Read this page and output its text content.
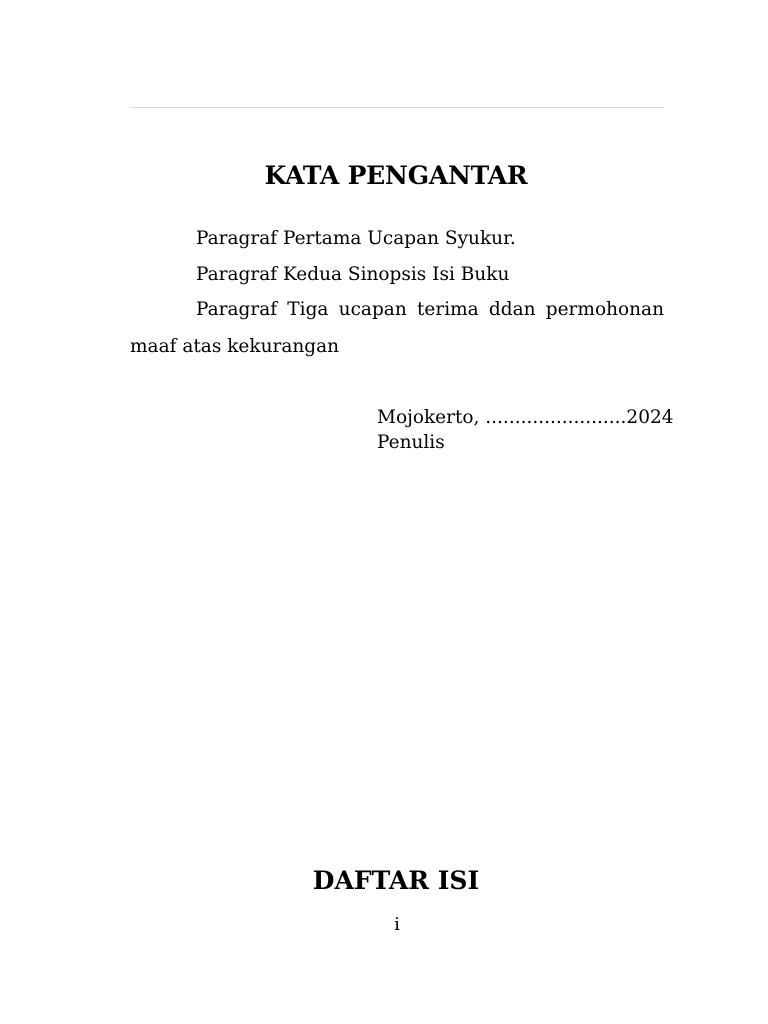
KATA PENGANTAR

Paragraf Pertama Ucapan Syukur.

Paragraf Kedua Sinopsis Isi Buku

Paragraf Tiga ucapan terima ddan permohonan maaf atas kekurangan

Mojokerto, ........................2024
Penulis
DAFTAR ISI
i
